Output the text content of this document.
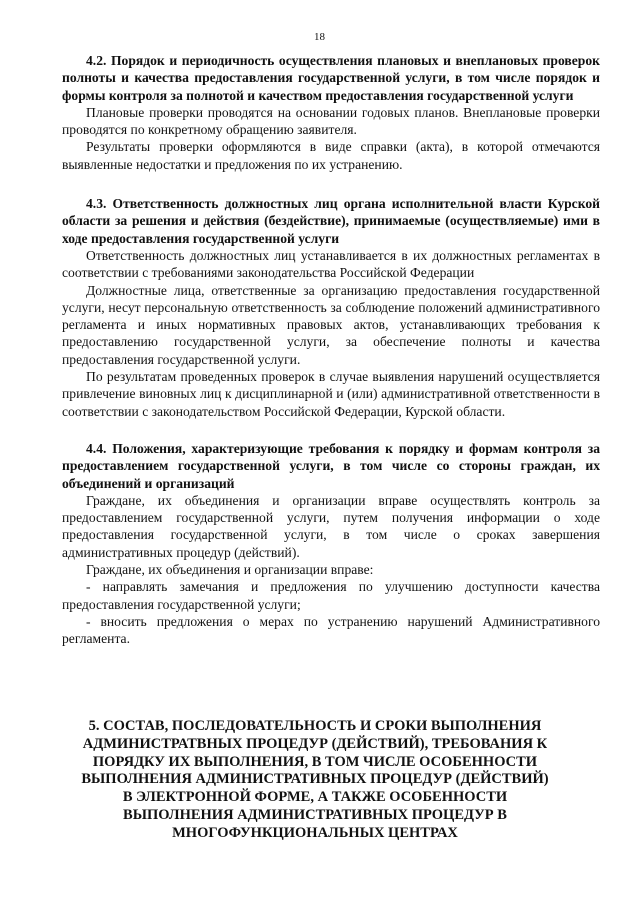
18

4.2. Порядок и периодичность осуществления плановых и внеплановых проверок полноты и качества предоставления государственной услуги, в том числе порядок и формы контроля за полнотой и качеством предоставления государственной услуги

Плановые проверки проводятся на основании годовых планов. Внеплановые проверки проводятся по конкретному обращению заявителя.

Результаты проверки оформляются в виде справки (акта), в которой отмечаются выявленные недостатки и предложения по их устранению.

4.3. Ответственность должностных лиц органа исполнительной власти Курской области за решения и действия (бездействие), принимаемые (осуществляемые) ими в ходе предоставления государственной услуги

Ответственность должностных лиц устанавливается в их должностных регламентах в соответствии с требованиями законодательства Российской Федерации

Должностные лица, ответственные за организацию предоставления государственной услуги, несут персональную ответственность за соблюдение положений административного регламента и иных нормативных правовых актов, устанавливающих требования к предоставлению государственной услуги, за обеспечение полноты и качества предоставления государственной услуги.

По результатам проведенных проверок в случае выявления нарушений осуществляется привлечение виновных лиц к дисциплинарной и (или) административной ответственности в соответствии с законодательством Российской Федерации, Курской области.

4.4. Положения, характеризующие требования к порядку и формам контроля за предоставлением государственной услуги, в том числе со стороны граждан, их объединений и организаций

Граждане, их объединения и организации вправе осуществлять контроль за предоставлением государственной услуги, путем получения информации о ходе предоставления государственной услуги, в том числе о сроках завершения административных процедур (действий).

Граждане, их объединения и организации вправе:

- направлять замечания и предложения по улучшению доступности качества предоставления государственной услуги;

- вносить предложения о мерах по устранению нарушений Административного регламента.

5. СОСТАВ, ПОСЛЕДОВАТЕЛЬНОСТЬ И СРОКИ ВЫПОЛНЕНИЯ АДМИНИСТРАТВНЫХ ПРОЦЕДУР (ДЕЙСТВИЙ), ТРЕБОВАНИЯ К ПОРЯДКУ ИХ ВЫПОЛНЕНИЯ, В ТОМ ЧИСЛЕ ОСОБЕННОСТИ ВЫПОЛНЕНИЯ АДМИНИСТРАТИВНЫХ ПРОЦЕДУР (ДЕЙСТВИЙ) В ЭЛЕКТРОННОЙ ФОРМЕ, А ТАКЖЕ ОСОБЕННОСТИ ВЫПОЛНЕНИЯ АДМИНИСТРАТИВНЫХ ПРОЦЕДУР В МНОГОФУНКЦИОНАЛЬНЫХ ЦЕНТРАХ
